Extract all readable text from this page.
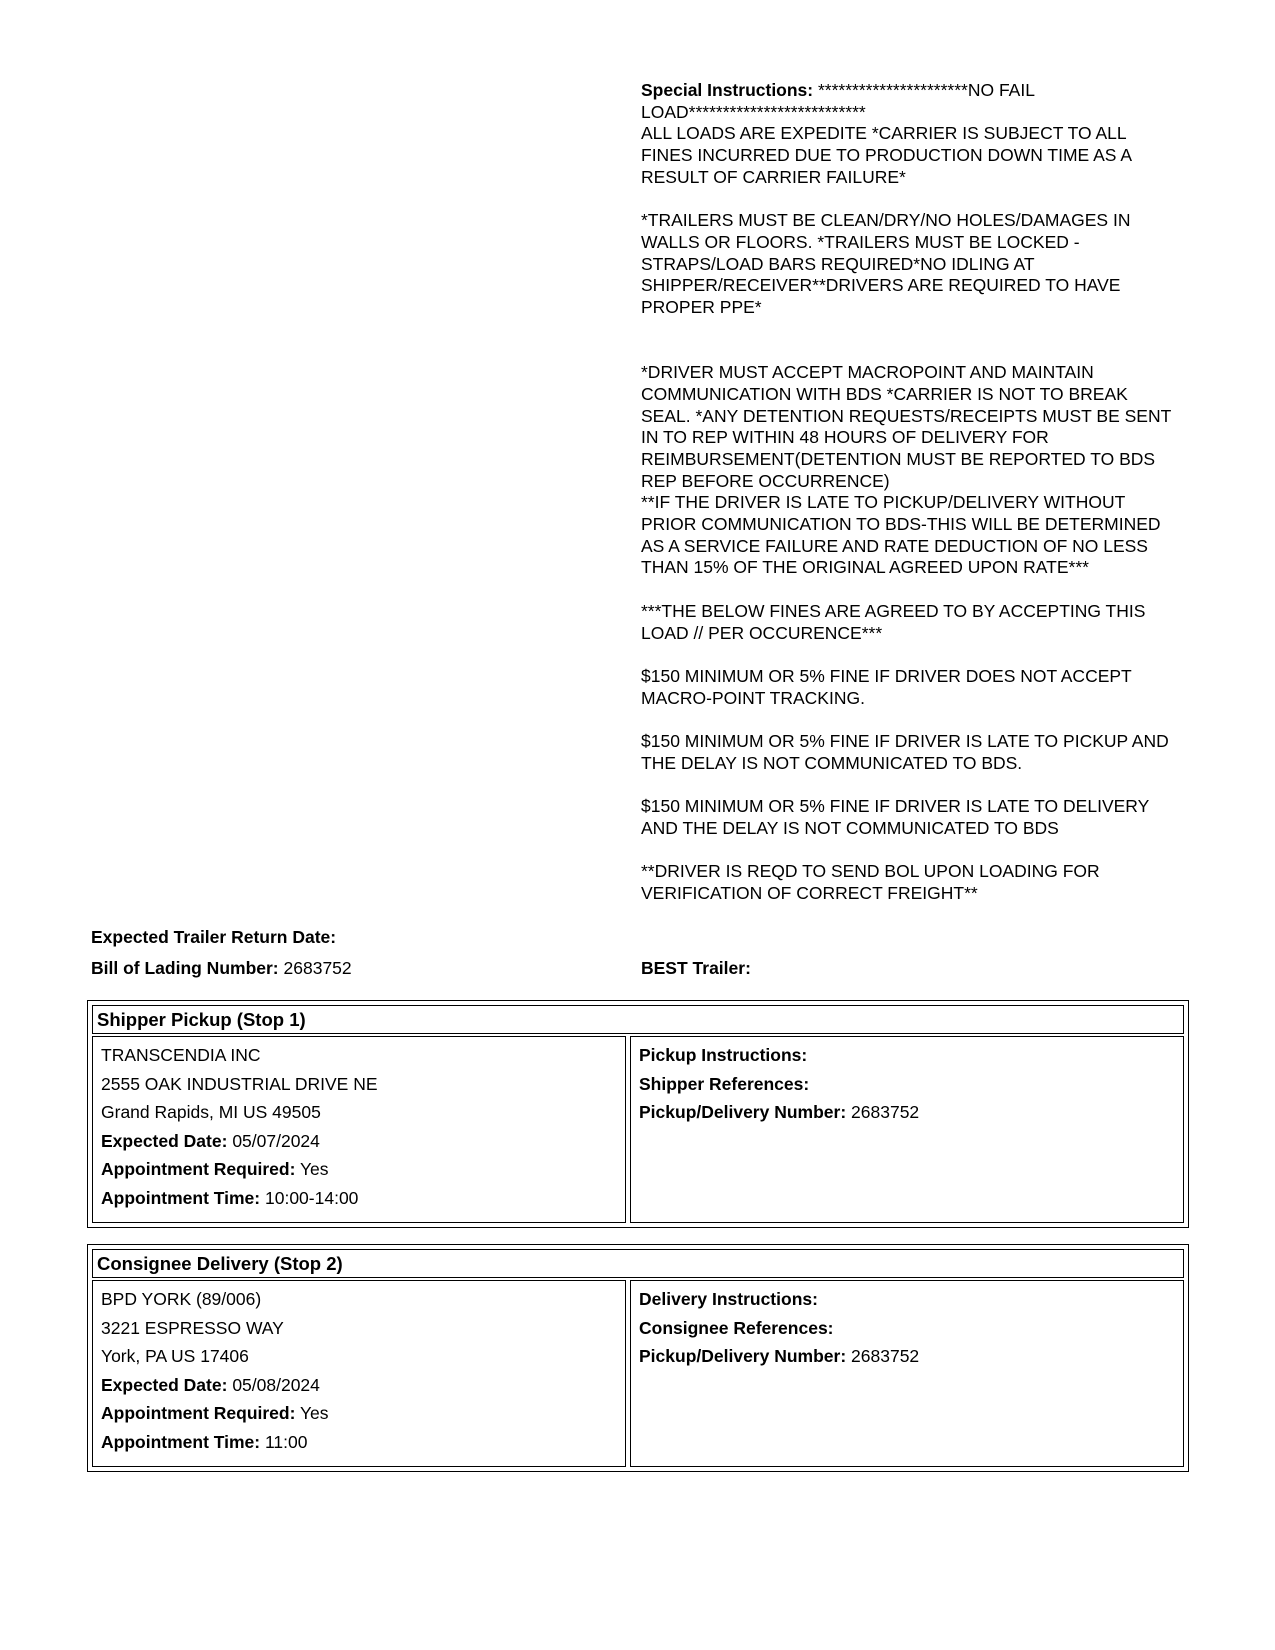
Special Instructions: **********************NO FAIL LOAD**************************
ALL LOADS ARE EXPEDITE *CARRIER IS SUBJECT TO ALL FINES INCURRED DUE TO PRODUCTION DOWN TIME AS A RESULT OF CARRIER FAILURE*

*TRAILERS MUST BE CLEAN/DRY/NO HOLES/DAMAGES IN WALLS OR FLOORS. *TRAILERS MUST BE LOCKED - STRAPS/LOAD BARS REQUIRED*NO IDLING AT SHIPPER/RECEIVER**DRIVERS ARE REQUIRED TO HAVE PROPER PPE*

*DRIVER MUST ACCEPT MACROPOINT AND MAINTAIN COMMUNICATION WITH BDS *CARRIER IS NOT TO BREAK SEAL. *ANY DETENTION REQUESTS/RECEIPTS MUST BE SENT IN TO REP WITHIN 48 HOURS OF DELIVERY FOR REIMBURSEMENT(DETENTION MUST BE REPORTED TO BDS REP BEFORE OCCURRENCE)
**IF THE DRIVER IS LATE TO PICKUP/DELIVERY WITHOUT PRIOR COMMUNICATION TO BDS-THIS WILL BE DETERMINED AS A SERVICE FAILURE AND RATE DEDUCTION OF NO LESS THAN 15% OF THE ORIGINAL AGREED UPON RATE***

***THE BELOW FINES ARE AGREED TO BY ACCEPTING THIS LOAD // PER OCCURENCE***

$150 MINIMUM OR 5% FINE IF DRIVER DOES NOT ACCEPT MACRO-POINT TRACKING.

$150 MINIMUM OR 5% FINE IF DRIVER IS LATE TO PICKUP AND THE DELAY IS NOT COMMUNICATED TO BDS.

$150 MINIMUM OR 5% FINE IF DRIVER IS LATE TO DELIVERY AND THE DELAY IS NOT COMMUNICATED TO BDS

**DRIVER IS REQD TO SEND BOL UPON LOADING FOR VERIFICATION OF CORRECT FREIGHT**

Expected Trailer Return Date:
Bill of Lading Number: 2683752	BEST Trailer:
Shipper Pickup (Stop 1)
TRANSCENDIA INC
2555 OAK INDUSTRIAL DRIVE NE
Grand Rapids, MI US 49505
Expected Date: 05/07/2024
Appointment Required: Yes
Appointment Time: 10:00-14:00
Pickup Instructions:
Shipper References:
Pickup/Delivery Number: 2683752
Consignee Delivery (Stop 2)
BPD YORK (89/006)
3221 ESPRESSO WAY
York, PA US 17406
Expected Date: 05/08/2024
Appointment Required: Yes
Appointment Time: 11:00
Delivery Instructions:
Consignee References:
Pickup/Delivery Number: 2683752
